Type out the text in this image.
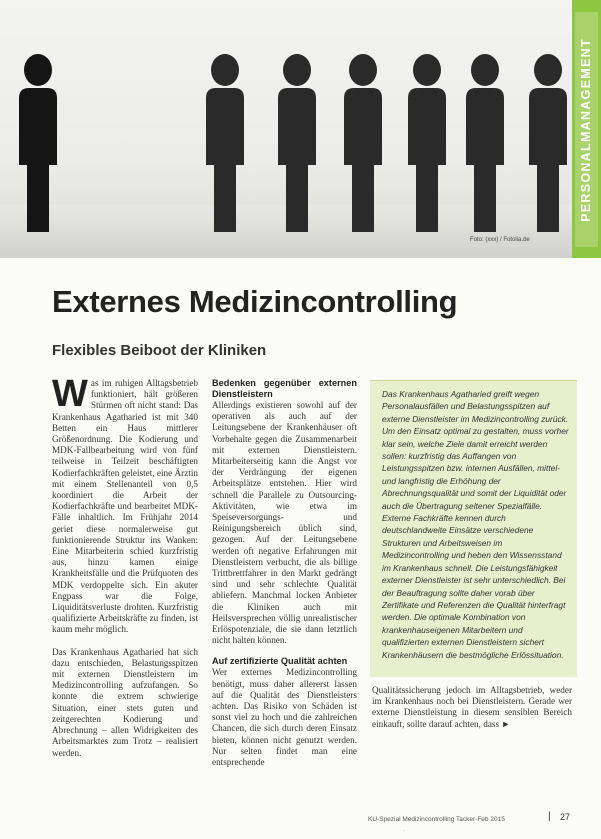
Foto: (xxx) / Fotolia.de
PERSONALMANAGEMENT
Externes Medizincontrolling
Flexibles Beiboot der Kliniken

Was im ruhigen Alltagsbetrieb funktioniert, hält größeren Stürmen oft nicht stand: Das Krankenhaus Agatharied ist mit 340 Betten ein Haus mittlerer Größenordnung. Die Kodierung und MDK-Fallbearbeitung wird von fünf teilweise in Teilzeit beschäftigten Kodierfachkräften geleistet, eine Ärztin mit einem Stellenanteil von 0,5 koordiniert die Arbeit der Kodierfachkräfte und bearbeitet MDK-Fälle inhaltlich. Im Frühjahr 2014 geriet diese normalerweise gut funktionierende Struktur ins Wanken: Eine Mitarbeiterin schied kurzfristig aus, hinzu kamen einige Krankheitsfälle und die Prüfquoten des MDK verdoppelte sich. Ein akuter Engpass war die Folge, Liquiditätsverluste drohten. Kurzfristig qualifizierte Arbeitskräfte zu finden, ist kaum mehr möglich.

Das Krankenhaus Agatharied hat sich dazu entschieden, Belastungsspitzen mit externen Dienstleistern im Medizincontrolling aufzufangen. So konnte die extrem schwierige Situation, einer stets guten und zeitgerechten Kodierung und Abrechnung – allen Widrigkeiten des Arbeitsmarktes zum Trotz – realisiert werden.

Bedenken gegenüber externen Dienstleistern

Allerdings existieren sowohl auf der operativen als auch auf der Leitungsebene der Krankenhäuser oft Vorbehalte gegen die Zusammenarbeit mit externen Dienstleistern. Mitarbeiterseitig kann die Angst vor der Verdrängung der eigenen Arbeitsplätze entstehen. Hier wird schnell die Parallele zu Outsourcing-Aktivitäten, wie etwa im Speiseversorgungs- und Reinigungsbereich üblich sind, gezogen. Auf der Leitungsebene werden oft negative Erfahrungen mit Dienstleistern verbucht, die als billige Trittbrettfahrer in den Markt gedrängt sind und sehr schlechte Qualität abliefern. Manchmal locken Anbieter die Kliniken auch mit Heilsversprechen völlig unrealistischer Erlöspotenziale, die sie dann letztlich nicht halten können.

Auf zertifizierte Qualität achten

Wer externes Medizincontrolling benötigt, muss daher allererst lassen auf die Qualität des Dienstleisters achten. Das Risiko von Schäden ist sonst viel zu hoch und die zahlreichen Chancen, die sich durch deren Einsatz bieten, können nicht genutzt werden. Nur selten findet man eine entsprechende

Das Krankenhaus Agatharied greift wegen Personalausfällen und Belastungsspitzen auf externe Dienstleister im Medizincontrolling zurück. Um den Einsatz optimal zu gestalten, muss vorher klar sein, welche Ziele damit erreicht werden sollen: kurzfristig das Auffangen von Leistungsspitzen bzw. internen Ausfällen, mittel- und langfristig die Erhöhung der Abrechnungsqualität und somit der Liquidität oder auch die Übertragung seltener Spezialfälle. Externe Fachkräfte kennen durch deutschlandweite Einsätze verschiedene Strukturen und Arbeitsweisen im Medizincontrolling und heben den Wissensstand im Krankenhaus schnell. Die Leistungsfähigkeit externer Dienstleister ist sehr unterschiedlich. Bei der Beauftragung sollte daher vorab über Zertifikate und Referenzen die Qualität hinterfragt werden. Die optimale Kombination von krankenhauseigenen Mitarbeitern und qualifizierten externen Dienstleistern sichert Krankenhäusern die bestmögliche Erlössituation.

Qualitätssicherung jedoch im Alltagsbetrieb, weder im Krankenhaus noch bei Dienstleistern. Gerade wer externe Dienstleistung in diesem sensiblen Bereich einkauft, sollte darauf achten, dass ►

KU-Spezial Medizincontrolling Tacker-Feb 2015	| 27
·
